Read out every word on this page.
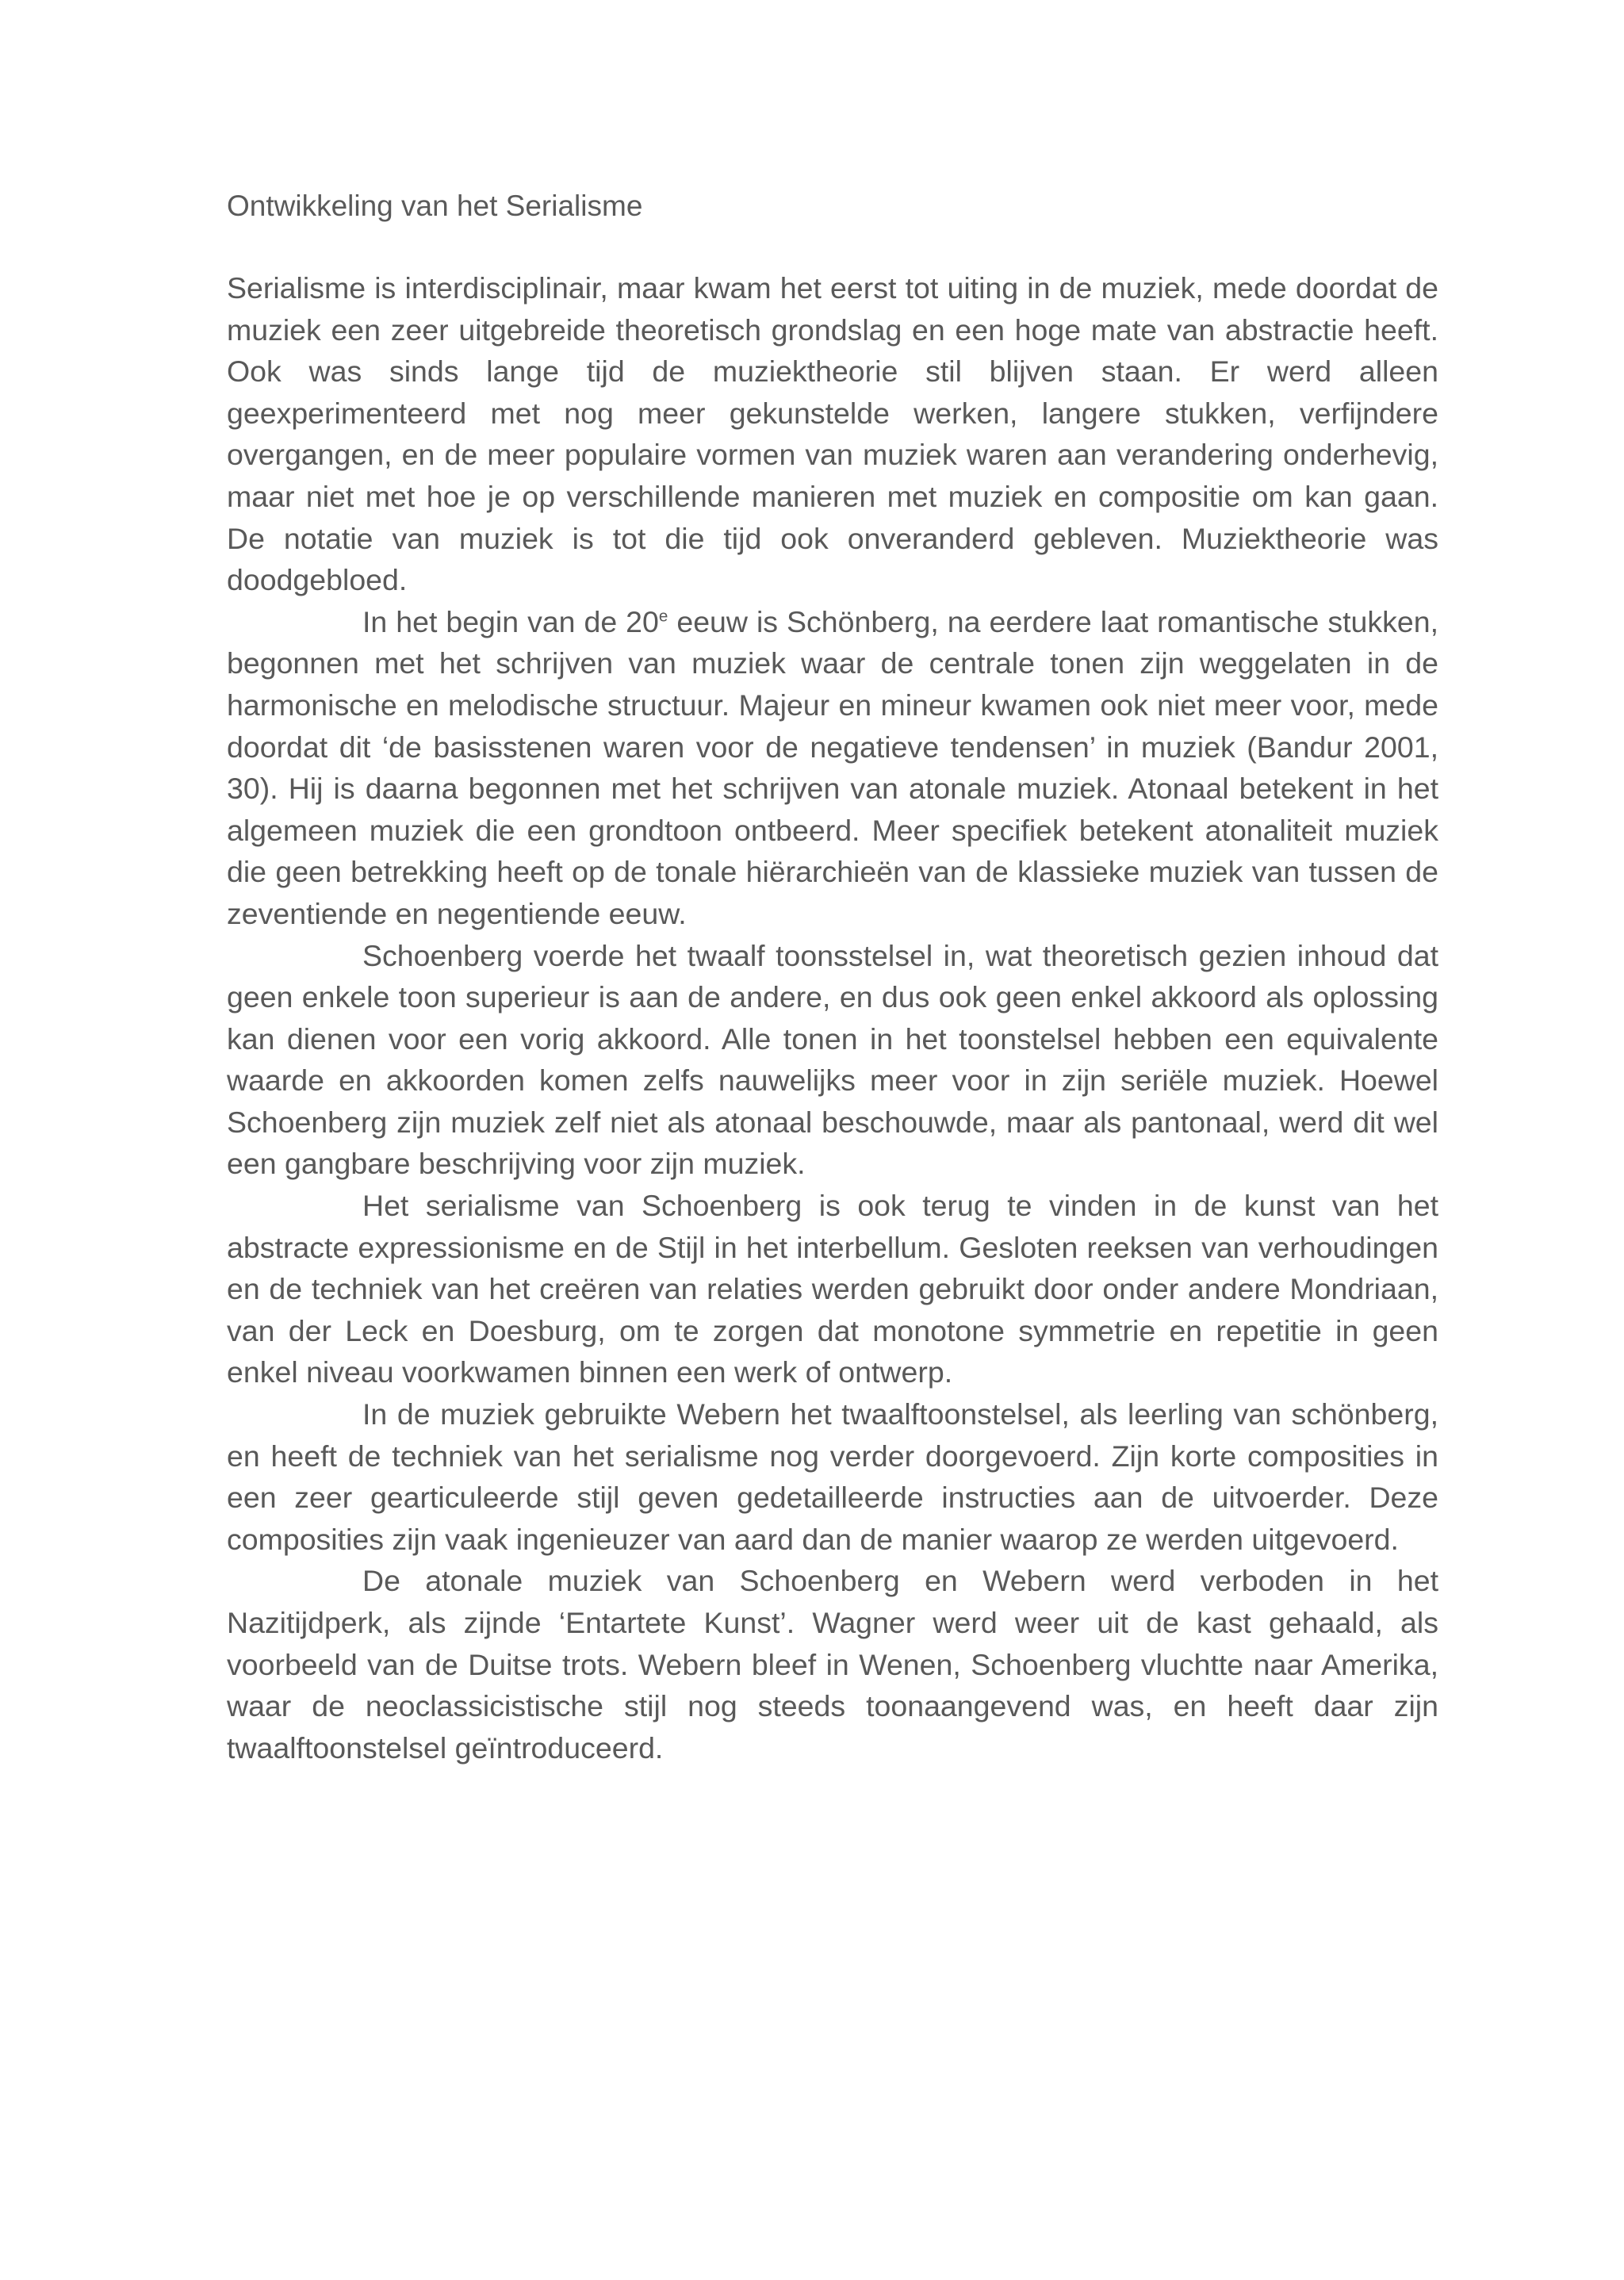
Ontwikkeling van het Serialisme

Serialisme is interdisciplinair, maar kwam het eerst tot uiting in de muziek, mede doordat de muziek een zeer uitgebreide theoretisch grondslag en een hoge mate van abstractie heeft. Ook was sinds lange tijd de muziektheorie stil blijven staan. Er werd alleen geexperimenteerd met nog meer gekunstelde werken, langere stukken, verfijndere overgangen, en de meer populaire vormen van muziek waren aan verandering onderhevig, maar niet met hoe je op verschillende manieren met muziek en compositie om kan gaan. De notatie van muziek is tot die tijd ook onveranderd gebleven. Muziektheorie was doodgebloed.

In het begin van de 20e eeuw is Schönberg, na eerdere laat romantische stukken, begonnen met het schrijven van muziek waar de centrale tonen zijn weggelaten in de harmonische en melodische structuur. Majeur en mineur kwamen ook niet meer voor, mede doordat dit ‘de basisstenen waren voor de negatieve tendensen’ in muziek (Bandur 2001, 30). Hij is daarna begonnen met het schrijven van atonale muziek. Atonaal betekent in het algemeen muziek die een grondtoon ontbeerd. Meer specifiek betekent atonaliteit muziek die geen betrekking heeft op de tonale hiërarchieën van de klassieke muziek van tussen de zeventiende en negentiende eeuw.

Schoenberg voerde het twaalf toonsstelsel in, wat theoretisch gezien inhoud dat geen enkele toon superieur is aan de andere, en dus ook geen enkel akkoord als oplossing kan dienen voor een vorig akkoord. Alle tonen in het toonstelsel hebben een equivalente waarde en akkoorden komen zelfs nauwelijks meer voor in zijn seriële muziek. Hoewel Schoenberg zijn muziek zelf niet als atonaal beschouwde, maar als pantonaal, werd dit wel een gangbare beschrijving voor zijn muziek.

Het serialisme van Schoenberg is ook terug te vinden in de kunst van het abstracte expressionisme en de Stijl in het interbellum. Gesloten reeksen van verhoudingen en de techniek van het creëren van relaties werden gebruikt door onder andere Mondriaan, van der Leck en Doesburg, om te zorgen dat monotone symmetrie en repetitie in geen enkel niveau voorkwamen binnen een werk of ontwerp.

In de muziek gebruikte Webern het twaalftoonstelsel, als leerling van schönberg, en heeft de techniek van het serialisme nog verder doorgevoerd. Zijn korte composities in een zeer gearticuleerde stijl geven gedetailleerde instructies aan de uitvoerder. Deze composities zijn vaak ingenieuzer van aard dan de manier waarop ze werden uitgevoerd.

De atonale muziek van Schoenberg en Webern werd verboden in het Nazitijdperk, als zijnde ‘Entartete Kunst’. Wagner werd weer uit de kast gehaald, als voorbeeld van de Duitse trots. Webern bleef in Wenen, Schoenberg vluchtte naar Amerika, waar de neoclassicistische stijl nog steeds toonaangevend was, en heeft daar zijn twaalftoonstelsel geïntroduceerd.
